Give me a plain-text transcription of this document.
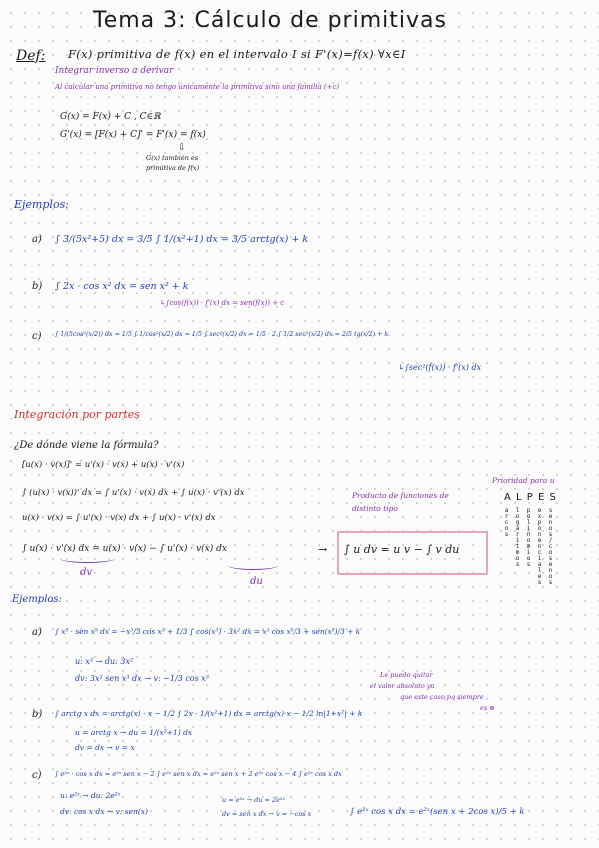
Tema 3: Cálculo de primitivas
Def: F(x) primitiva de f(x) en el intervalo I si F'(x)=f(x) ∀x∈I
Integrar inverso a derivar
Al calcular una primitiva no tengo únicamente la primitiva sino una familia (+c)
G(x) = F(x) + C , C∈ℝ
G'(x) = [F(x) + C]' = F'(x) = f(x)
⇩
G(x) también es
primitiva de f(x)
Ejemplos:
a) ∫ 3/(5x²+5) dx = 3/5 ∫ 1/(x²+1) dx = 3/5 arctg(x) + k
b) ∫ 2x · cos x² dx = sen x² + k
↳∫cos(f(x)) · f'(x) dx = sen(f(x)) + c
c) ∫ 1/(5cos²(x/2)) dx = 1/5 ∫ 1/cos²(x/2) dx = 1/5 ∫ sec²(x/2) dx = 1/5 · 2 ∫ 1/2 sec²(x/2) dx = 2/5 tg(x/2) + k
↳∫sec²(f(x)) · f'(x) dx
Integración por partes
¿De dónde viene la fórmula?
[u(x) · v(x)]' = u'(x) · v(x) + u(x) · v'(x)
∫ (u(x) · v(x))' dx = ∫ u'(x) · v(x) dx + ∫ u(x) · v'(x) dx
u(x) · v(x) = ∫ u'(x) · v(x) dx + ∫ u(x) · v'(x) dx
∫ u(x) · v'(x) dx = u(x) · v(x) − ∫ u'(x) · v(x) dx
dv
du
→ ∫ u dv = u v − ∫ v du
Producto de funciones de
distinto tipo
Prioridad para u
A L P E S
arcos logaritmos polinomios exponenciales senos/cosenos
Ejemplos:
a) ∫ x⁵ · sen x³ dx = −x³/3 cos x³ + 1/3 ∫ cos(x³) · 3x² dx = x³ cos x³/3 + sen(x³)/3 + k
u: x³ → du: 3x²
dv: 3x² sen x³ dx → v: −1/3 cos x³	Le puedo quitar
el valor absoluto ya
que este caso pq siempre
es ⊕
b) ∫ arctg x dx = arctg(x) · x − 1/2 ∫ 2x · 1/(x²+1) dx = arctg(x)·x − 1/2 ln|1+x²| + k
u = arctg x → du = 1/(x²+1) dx
dv = dx → v = x
c) ∫ e²ˣ · cos x dx = e²ˣ sen x − 2 ∫ e²ˣ sen x dx = e²ˣ sen x + 2 e²ˣ cos x − 4 ∫ e²ˣ cos x dx
u: e²ˣ → du: 2e²ˣ
dv: cos x dx → v: sen(x)
u = e²ˣ → du = 2e²ˣ
dv = sen x dx → v = −cos x	∫ e²ˣ cos x dx = e²ˣ(sen x + 2cos x)/5 + k
